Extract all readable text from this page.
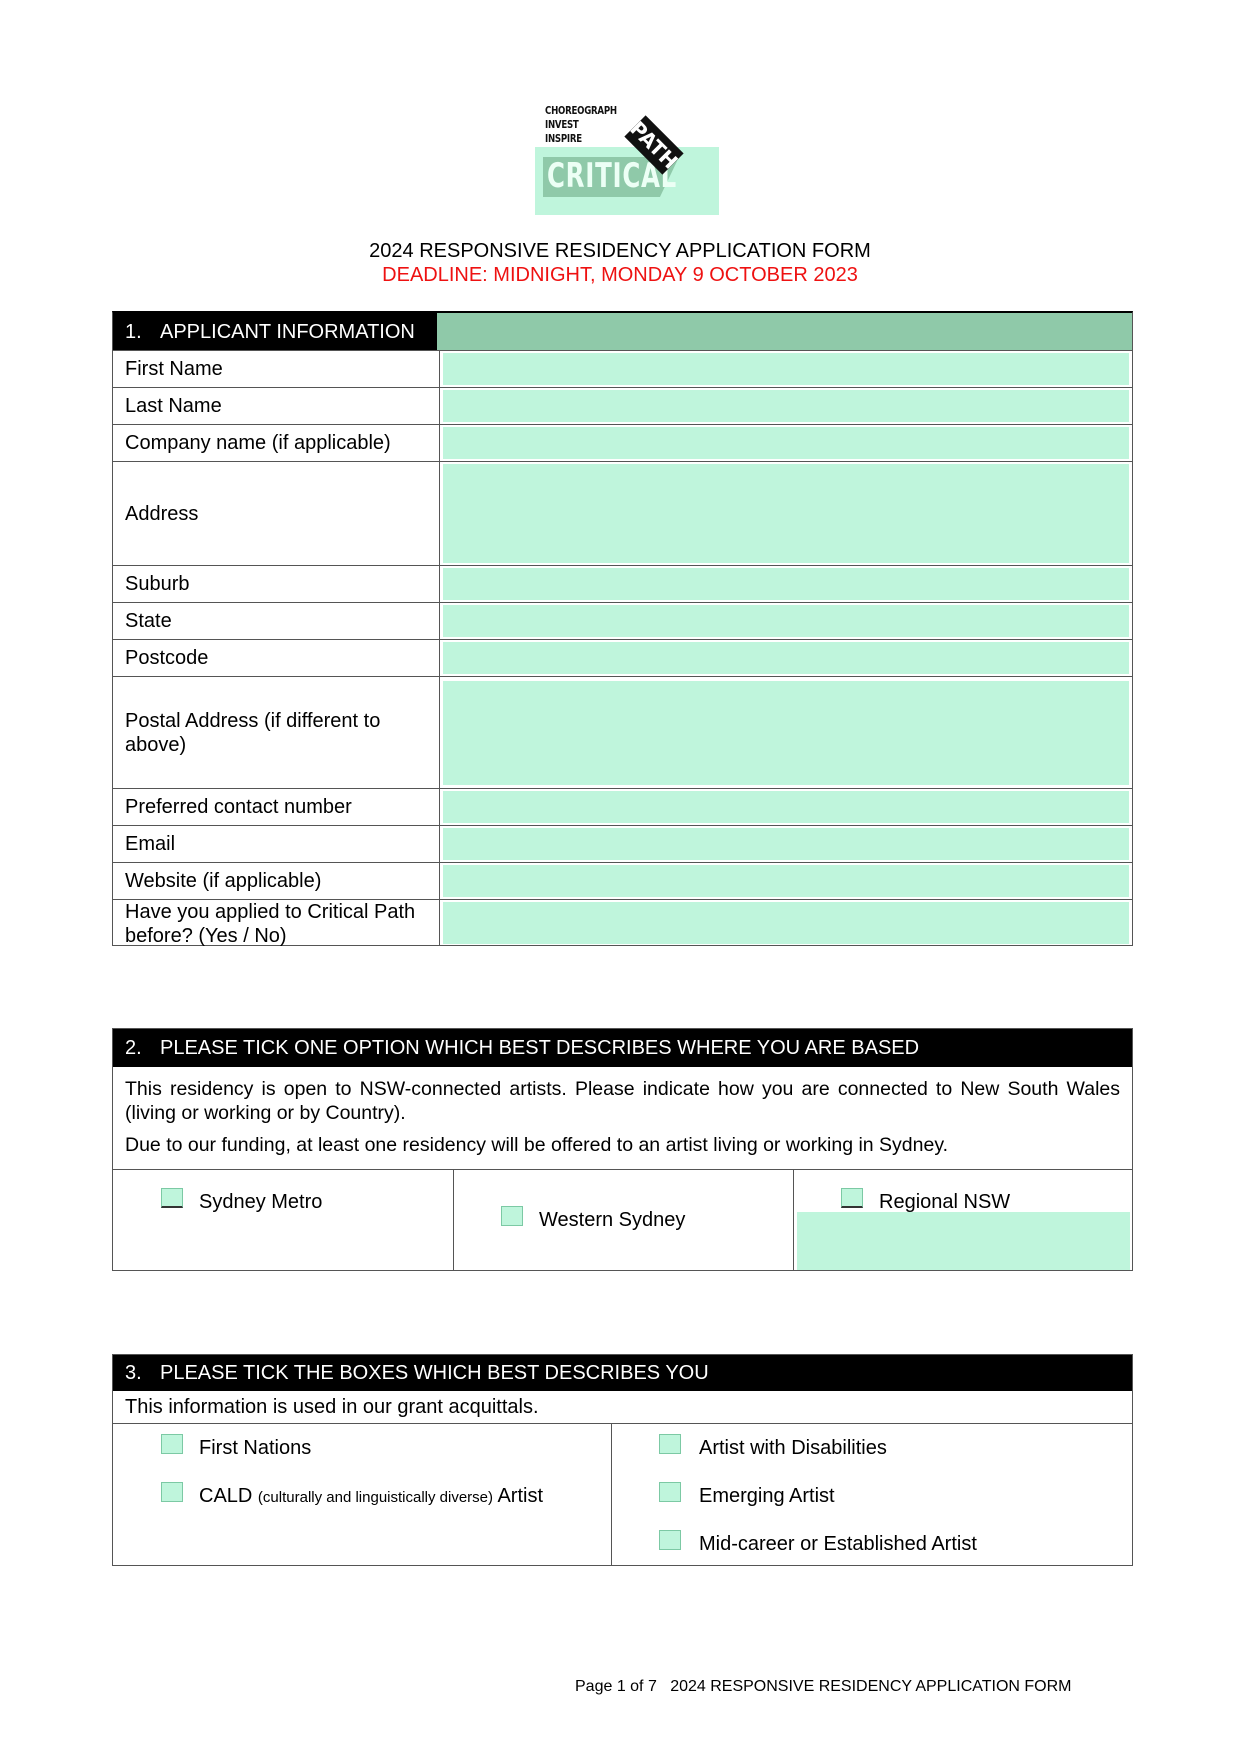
CRITICAL
CHOREOGRAPH
INVEST
INSPIRE	PATH
2024 RESPONSIVE RESIDENCY APPLICATION FORM
DEADLINE: MIDNIGHT, MONDAY 9 OCTOBER 2023
1. APPLICANT INFORMATION
First Name
Last Name
Company name (if applicable)
Address
Suburb
State
Postcode
Postal Address (if different to above)
Preferred contact number
Email
Website (if applicable)
Have you applied to Critical Path before? (Yes / No)
2. PLEASE TICK ONE OPTION WHICH BEST DESCRIBES WHERE YOU ARE BASED
This residency is open to NSW-connected artists. Please indicate how you are connected to New South Wales (living or working or by Country).
Due to our funding, at least one residency will be offered to an artist living or working in Sydney.
Sydney Metro
Western Sydney
Regional NSW
3. PLEASE TICK THE BOXES WHICH BEST DESCRIBES YOU
This information is used in our grant acquittals.
First Nations
CALD (culturally and linguistically diverse) Artist
Artist with Disabilities
Emerging Artist
Mid-career or Established Artist
Page 1 of 7 2024 RESPONSIVE RESIDENCY APPLICATION FORM
